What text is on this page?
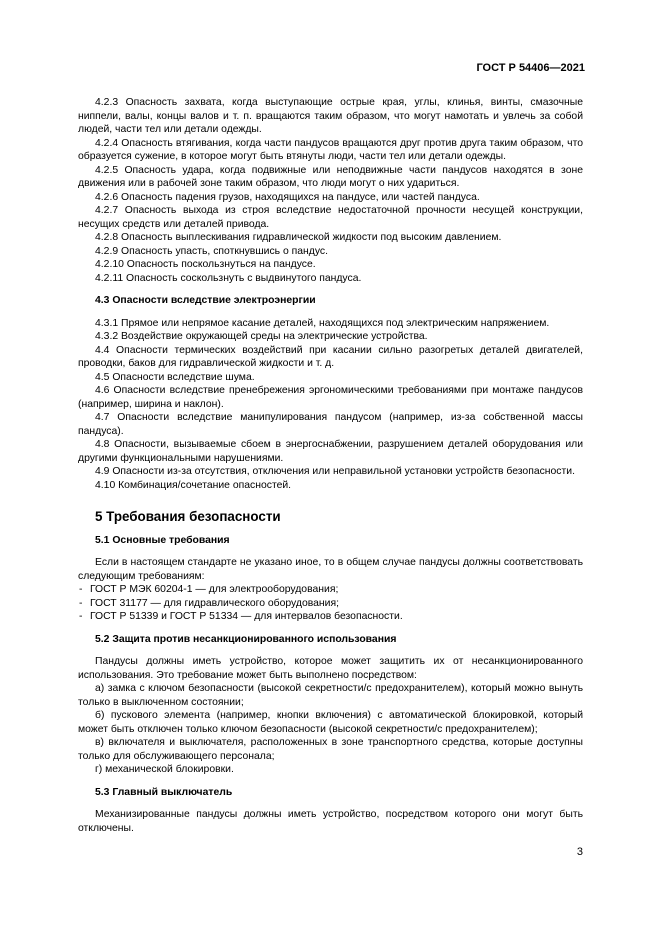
ГОСТ Р 54406—2021

4.2.3 Опасность захвата, когда выступающие острые края, углы, клинья, винты, смазочные ниппели, валы, концы валов и т. п. вращаются таким образом, что могут намотать и увлечь за собой людей, части тел или детали одежды.

4.2.4 Опасность втягивания, когда части пандусов вращаются друг против друга таким образом, что образуется сужение, в которое могут быть втянуты люди, части тел или детали одежды.

4.2.5 Опасность удара, когда подвижные или неподвижные части пандусов находятся в зоне движения или в рабочей зоне таким образом, что люди могут о них удариться.

4.2.6 Опасность падения грузов, находящихся на пандусе, или частей пандуса.

4.2.7 Опасность выхода из строя вследствие недостаточной прочности несущей конструкции, несущих средств или деталей привода.

4.2.8 Опасность выплескивания гидравлической жидкости под высоким давлением.

4.2.9 Опасность упасть, споткнувшись о пандус.

4.2.10 Опасность поскользнуться на пандусе.

4.2.11 Опасность соскользнуть с выдвинутого пандуса.

4.3 Опасности вследствие электроэнергии

4.3.1 Прямое или непрямое касание деталей, находящихся под электрическим напряжением.

4.3.2 Воздействие окружающей среды на электрические устройства.

4.4 Опасности термических воздействий при касании сильно разогретых деталей двигателей, проводки, баков для гидравлической жидкости и т. д.

4.5 Опасности вследствие шума.

4.6 Опасности вследствие пренебрежения эргономическими требованиями при монтаже пандусов (например, ширина и наклон).

4.7 Опасности вследствие манипулирования пандусом (например, из-за собственной массы пандуса).

4.8 Опасности, вызываемые сбоем в энергоснабжении, разрушением деталей оборудования или другими функциональными нарушениями.

4.9 Опасности из-за отсутствия, отключения или неправильной установки устройств безопасности.

4.10 Комбинация/сочетание опасностей.

5 Требования безопасности

5.1 Основные требования

Если в настоящем стандарте не указано иное, то в общем случае пандусы должны соответствовать следующим требованиям:

- ГОСТ Р МЭК 60204-1 — для электрооборудования;

- ГОСТ 31177 — для гидравлического оборудования;

- ГОСТ Р 51339 и ГОСТ Р 51334 — для интервалов безопасности.

5.2 Защита против несанкционированного использования

Пандусы должны иметь устройство, которое может защитить их от несанкционированного использования. Это требование может быть выполнено посредством:

а) замка с ключом безопасности (высокой секретности/с предохранителем), который можно вынуть только в выключенном состоянии;

б) пускового элемента (например, кнопки включения) с автоматической блокировкой, который может быть отключен только ключом безопасности (высокой секретности/с предохранителем);

в) включателя и выключателя, расположенных в зоне транспортного средства, которые доступны только для обслуживающего персонала;

г) механической блокировки.

5.3 Главный выключатель

Механизированные пандусы должны иметь устройство, посредством которого они могут быть отключены.

3
